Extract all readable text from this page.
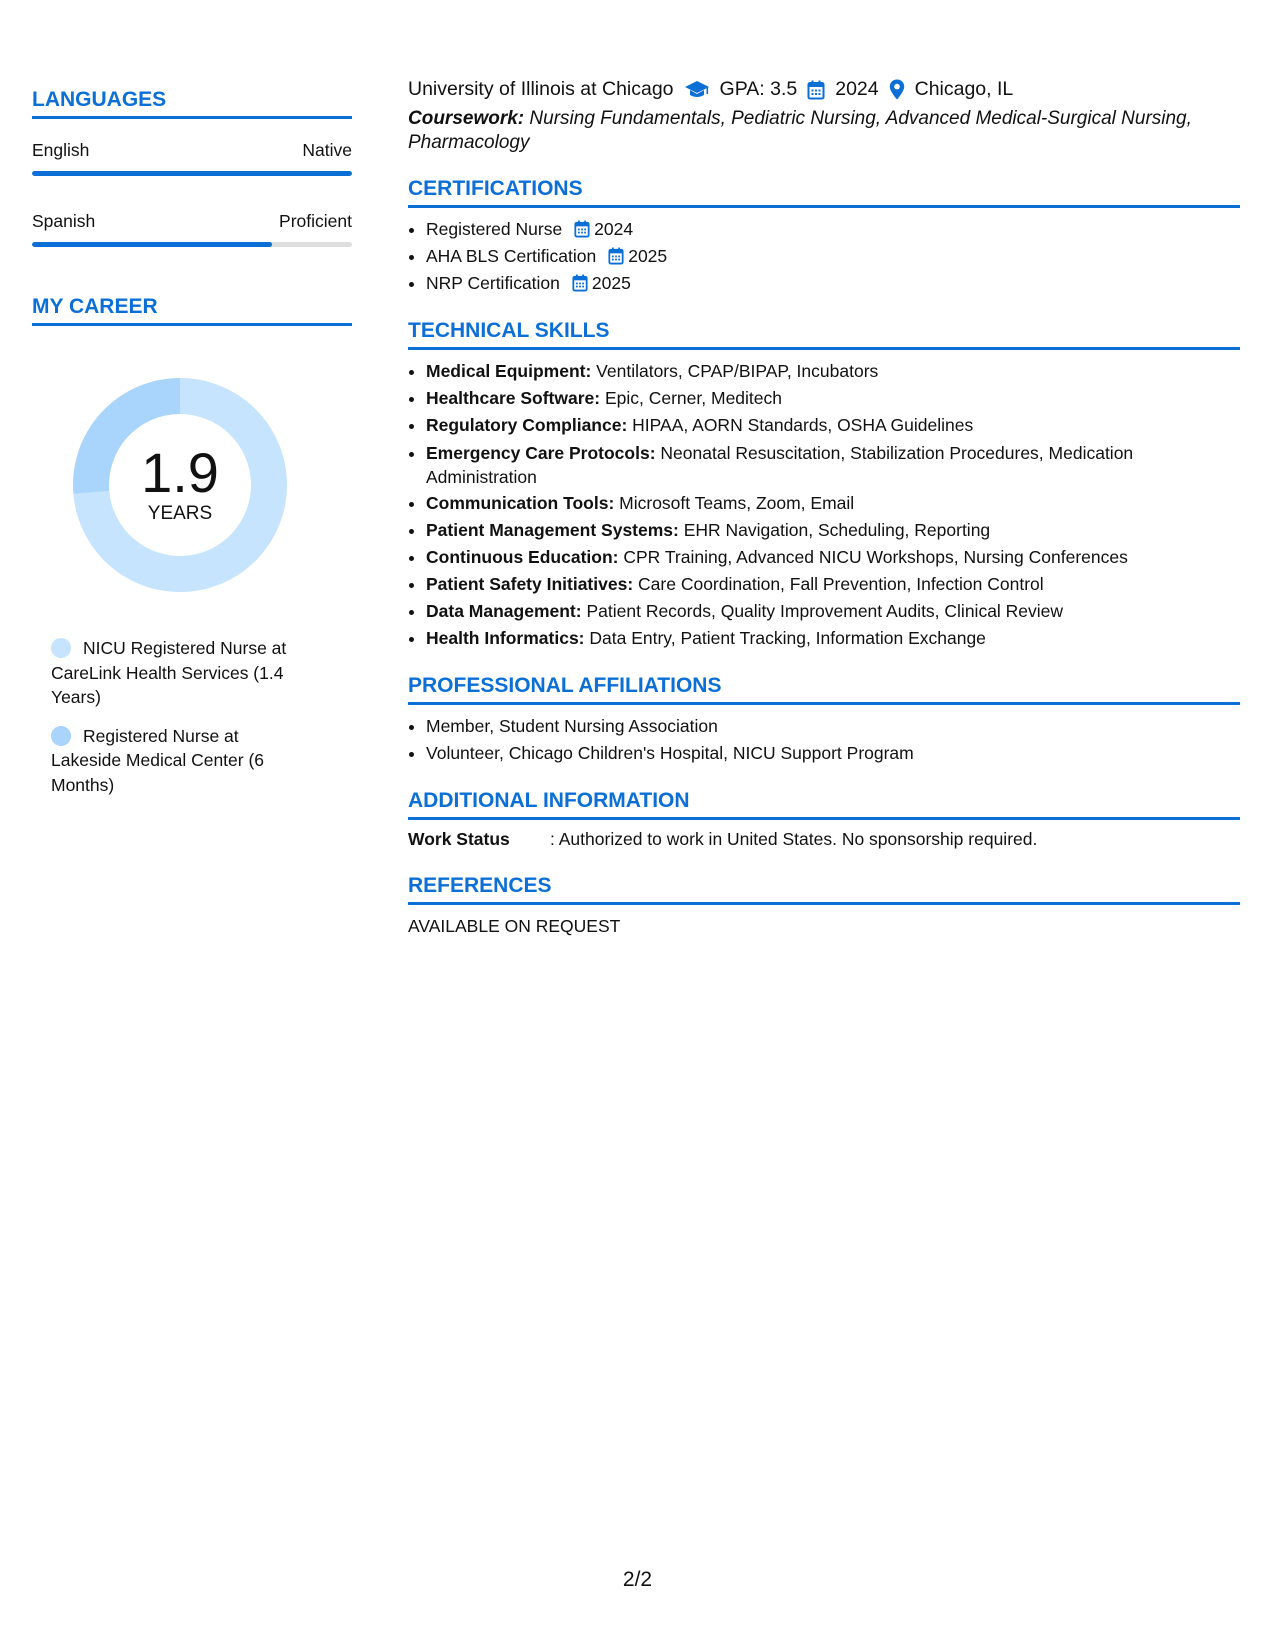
LANGUAGES
English	Native
Spanish	Proficient
MY CAREER
1.9
YEARS
NICU Registered Nurse at CareLink Health Services (1.4 Years)
Registered Nurse at Lakeside Medical Center (6 Months)
University of Illinois at Chicago GPA: 3.5 2024 Chicago, IL
Coursework: Nursing Fundamentals, Pediatric Nursing, Advanced Medical-Surgical Nursing, Pharmacology
CERTIFICATIONS
• Registered Nurse 2024
• AHA BLS Certification 2025
• NRP Certification 2025
TECHNICAL SKILLS
• Medical Equipment: Ventilators, CPAP/BIPAP, Incubators
• Healthcare Software: Epic, Cerner, Meditech
• Regulatory Compliance: HIPAA, AORN Standards, OSHA Guidelines
• Emergency Care Protocols: Neonatal Resuscitation, Stabilization Procedures, Medication Administration
• Communication Tools: Microsoft Teams, Zoom, Email
• Patient Management Systems: EHR Navigation, Scheduling, Reporting
• Continuous Education: CPR Training, Advanced NICU Workshops, Nursing Conferences
• Patient Safety Initiatives: Care Coordination, Fall Prevention, Infection Control
• Data Management: Patient Records, Quality Improvement Audits, Clinical Review
• Health Informatics: Data Entry, Patient Tracking, Information Exchange
PROFESSIONAL AFFILIATIONS
• Member, Student Nursing Association
• Volunteer, Chicago Children's Hospital, NICU Support Program
ADDITIONAL INFORMATION
Work Status	: Authorized to work in United States. No sponsorship required.
REFERENCES
AVAILABLE ON REQUEST
2/2
